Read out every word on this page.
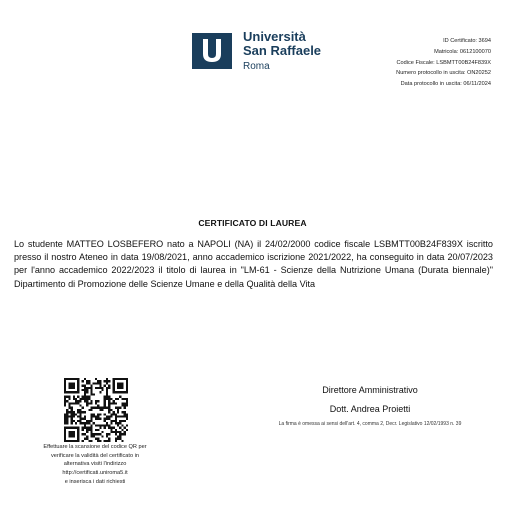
Università
San Raffaele
Roma
ID Certificato: 3694
Matricola: 0612100070
Codice Fiscale: LSBMTT00B24F839X
Numero protocollo in uscita: ON20252
Data protocollo in uscita: 06/11/2024
CERTIFICATO DI LAUREA
Lo studente MATTEO LOSBEFERO nato a NAPOLI (NA) il 24/02/2000 codice fiscale LSBMTT00B24F839X iscritto presso il nostro Ateneo in data 19/08/2021, anno accademico iscrizione 2021/2022, ha conseguito in data 20/07/2023 per l'anno accademico 2022/2023 il titolo di laurea in "LM-61 - Scienze della Nutrizione Umana (Durata biennale)" Dipartimento di Promozione delle Scienze Umane e della Qualità della Vita
Effettuare la scansione del codice QR per
verificare la validità del certificato in
alternativa visiti l'indirizzo
http://certificati.uniroma5.it
e inserisca i dati richiesti
Direttore Amministrativo
Dott. Andrea Proietti
La firma è omessa ai sensi dell'art. 4, comma 2, Decr. Legislativo 12/02/1993 n. 39
